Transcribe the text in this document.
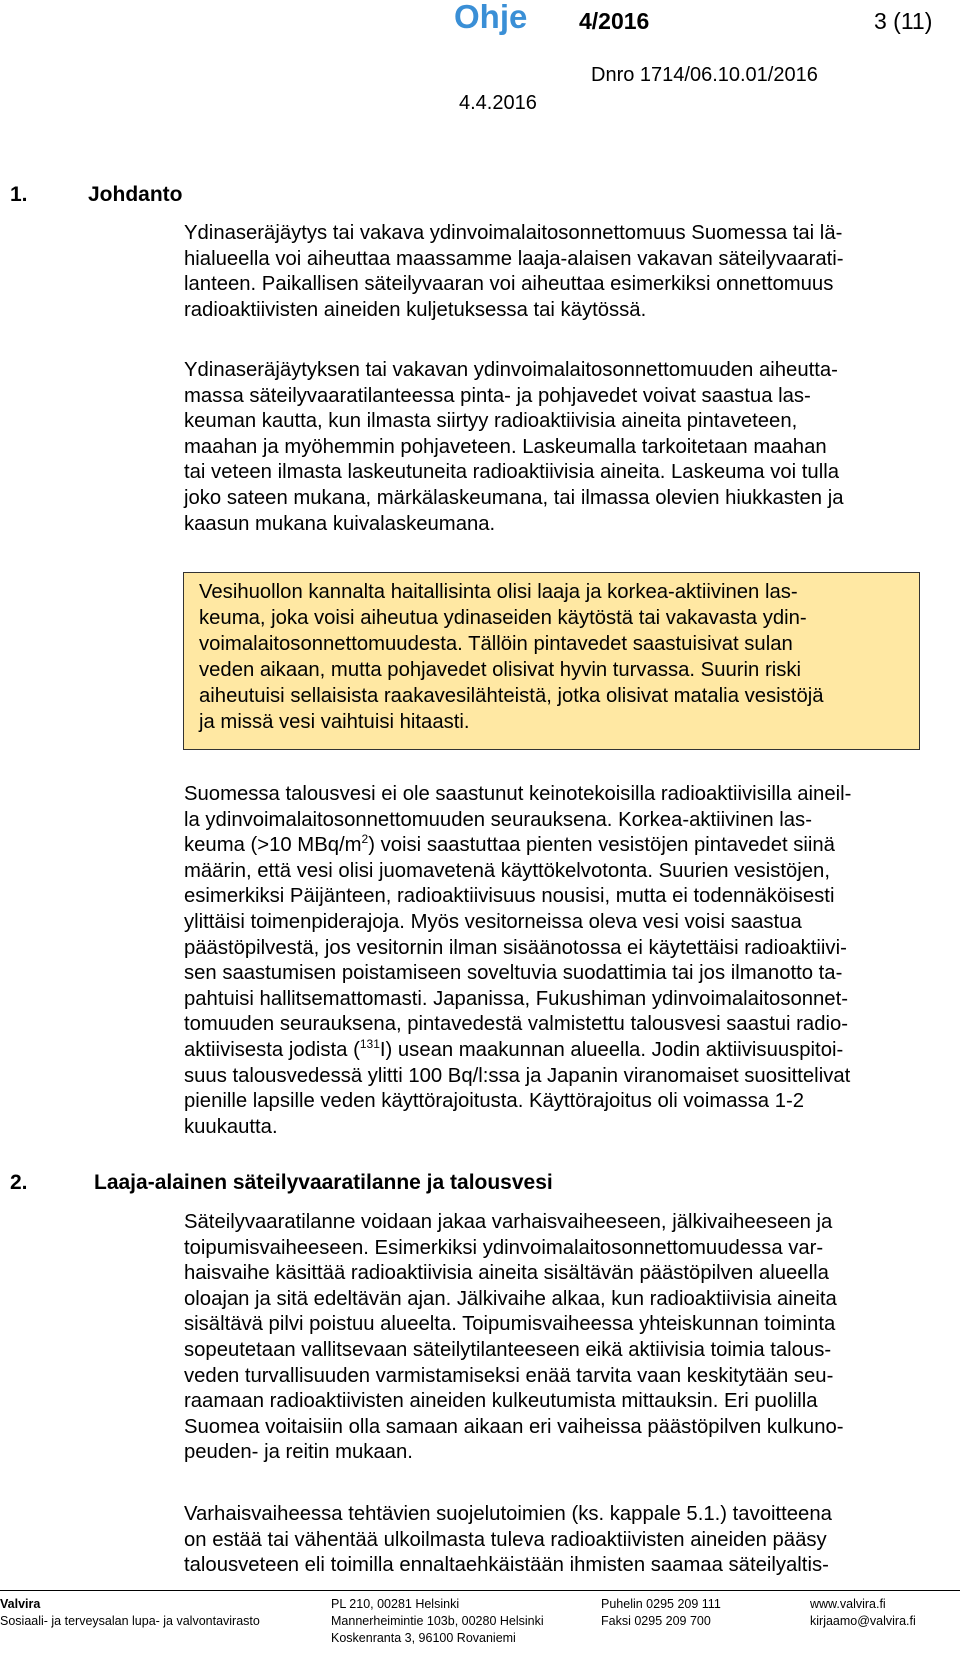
Ohje 4/2016	3 (11)
Dnro 1714/06.10.01/2016
4.4.2016
1.	Johdanto

Ydinaseräjäytys tai vakava ydinvoimalaitosonnettomuus Suomessa tai lä-
hialueella voi aiheuttaa maassamme laaja-alaisen vakavan säteilyvaarati-
lanteen. Paikallisen säteilyvaaran voi aiheuttaa esimerkiksi onnettomuus
radioaktiivisten aineiden kuljetuksessa tai käytössä.

Ydinaseräjäytyksen tai vakavan ydinvoimalaitosonnettomuuden aiheutta-
massa säteilyvaaratilanteessa pinta- ja pohjavedet voivat saastua las-
keuman kautta, kun ilmasta siirtyy radioaktiivisia aineita pintaveteen,
maahan ja myöhemmin pohjaveteen. Laskeumalla tarkoitetaan maahan
tai veteen ilmasta laskeutuneita radioaktiivisia aineita. Laskeuma voi tulla
joko sateen mukana, märkälaskeumana, tai ilmassa olevien hiukkasten ja
kaasun mukana kuivalaskeumana.

Vesihuollon kannalta haitallisinta olisi laaja ja korkea-aktiivinen las-
keuma, joka voisi aiheutua ydinaseiden käytöstä tai vakavasta ydin-
voimalaitosonnettomuudesta. Tällöin pintavedet saastuisivat sulan
veden aikaan, mutta pohjavedet olisivat hyvin turvassa. Suurin riski
aiheutuisi sellaisista raakavesilähteistä, jotka olisivat matalia vesistöjä
ja missä vesi vaihtuisi hitaasti.

Suomessa talousvesi ei ole saastunut keinotekoisilla radioaktiivisilla aineil-
la ydinvoimalaitosonnettomuuden seurauksena. Korkea-aktiivinen las-
keuma (>10 MBq/$m^2$) voisi saastuttaa pienten vesistöjen pintavedet siinä
määrin, että vesi olisi juomavetenä käyttökelvotonta. Suurien vesistöjen,
esimerkiksi Päijänteen, radioaktiivisuus nousisi, mutta ei todennäköisesti
ylittäisi toimenpiderajoja. Myös vesitorneissa oleva vesi voisi saastua
päästöpilvestä, jos vesitornin ilman sisäänotossa ei käytettäisi radioaktiivi-
sen saastumisen poistamiseen soveltuvia suodattimia tai jos ilmanotto ta-
pahtuisi hallitsemattomasti. Japanissa, Fukushiman ydinvoimalaitosonnet-
tomuuden seurauksena, pintavedestä valmistettu talousvesi saastui radio-
aktiivisesta jodista ($^{131}$I) usean maakunnan alueella. Jodin aktiivisuuspitoi-
suus talousvedessä ylitti 100 Bq/l:ssa ja Japanin viranomaiset suosittelivat
pienille lapsille veden käyttörajoitusta. Käyttörajoitus oli voimassa 1-2
kuukautta.

2.	Laaja-alainen säteilyvaaratilanne ja talousvesi

Säteilyvaaratilanne voidaan jakaa varhaisvaiheeseen, jälkivaiheeseen ja
toipumisvaiheeseen. Esimerkiksi ydinvoimalaitosonnettomuudessa var-
haisvaihe käsittää radioaktiivisia aineita sisältävän päästöpilven alueella
oloajan ja sitä edeltävän ajan. Jälkivaihe alkaa, kun radioaktiivisia aineita
sisältävä pilvi poistuu alueelta. Toipumisvaiheessa yhteiskunnan toiminta
sopeutetaan vallitsevaan säteilytilanteeseen eikä aktiivisia toimia talous-
veden turvallisuuden varmistamiseksi enää tarvita vaan keskitytään seu-
raamaan radioaktiivisten aineiden kulkeutumista mittauksin. Eri puolilla
Suomea voitaisiin olla samaan aikaan eri vaiheissa päästöpilven kulkuno-
peuden- ja reitin mukaan.

Varhaisvaiheessa tehtävien suojelutoimien (ks. kappale 5.1.) tavoitteena
on estää tai vähentää ulkoilmasta tuleva radioaktiivisten aineiden pääsy
talousveteen eli toimilla ennaltaehkäistään ihmisten saamaa säteilyaltis-

Valvira
Sosiaali- ja terveysalan lupa- ja valvontavirasto
PL 210, 00281 Helsinki
Mannerheimintie 103b, 00280 Helsinki
Koskenranta 3, 96100 Rovaniemi
Puhelin 0295 209 111
Faksi 0295 209 700
www.valvira.fi
kirjaamo@valvira.fi
